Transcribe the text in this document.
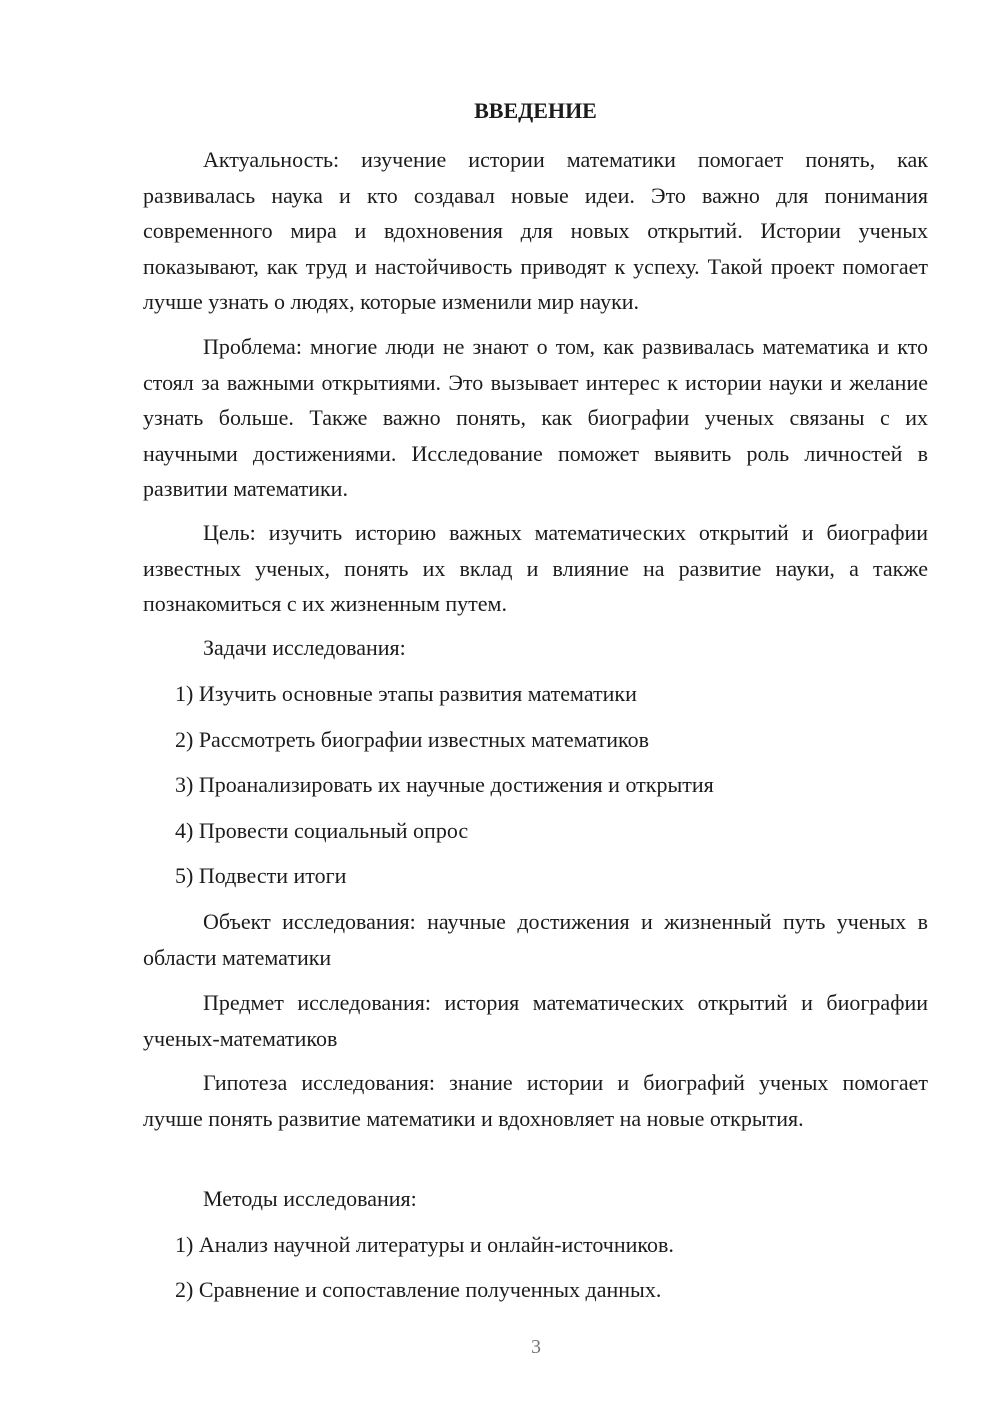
ВВЕДЕНИЕ

Актуальность: изучение истории математики помогает понять, как развивалась наука и кто создавал новые идеи. Это важно для понимания современного мира и вдохновения для новых открытий. Истории ученых показывают, как труд и настойчивость приводят к успеху. Такой проект помогает лучше узнать о людях, которые изменили мир науки.

Проблема: многие люди не знают о том, как развивалась математика и кто стоял за важными открытиями. Это вызывает интерес к истории науки и желание узнать больше. Также важно понять, как биографии ученых связаны с их научными достижениями. Исследование поможет выявить роль личностей в развитии математики.

Цель: изучить историю важных математических открытий и биографии известных ученых, понять их вклад и влияние на развитие науки, а также познакомиться с их жизненным путем.

Задачи исследования:

1) Изучить основные этапы развития математики

2) Рассмотреть биографии известных математиков

3) Проанализировать их научные достижения и открытия

4) Провести социальный опрос

5) Подвести итоги

Объект исследования: научные достижения и жизненный путь ученых в области математики

Предмет исследования: история математических открытий и биографии ученых-математиков

Гипотеза исследования: знание истории и биографий ученых помогает лучше понять развитие математики и вдохновляет на новые открытия.

Методы исследования:

1) Анализ научной литературы и онлайн-источников.

2) Сравнение и сопоставление полученных данных.

3
